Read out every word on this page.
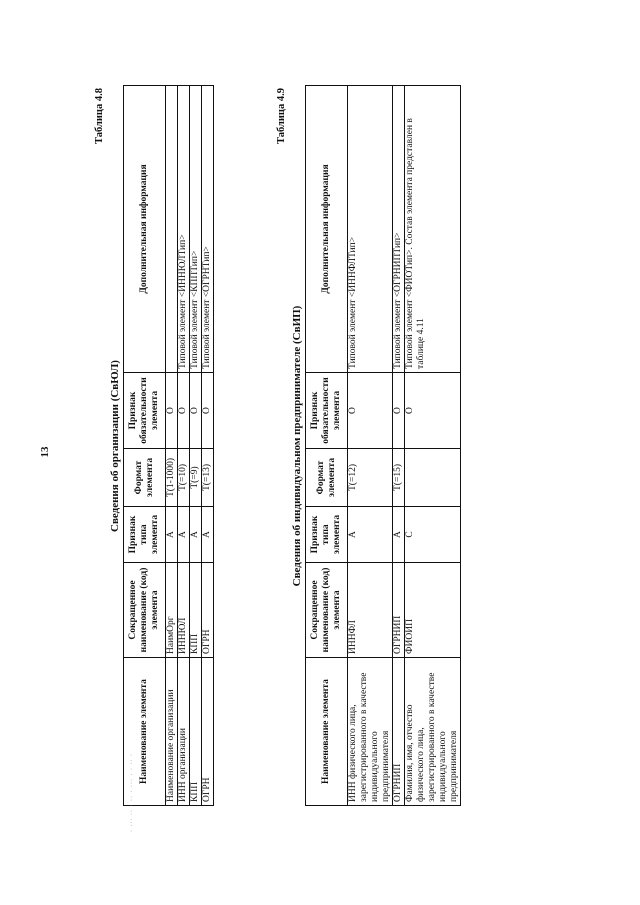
13
Таблица 4.8
Сведения об организации (СвЮЛ)
Наименование элемента	Сокращенное наименование (код) элемента	Признак типа элемента	Формат элемента	Признак обязательности элемента	Дополнительная информация
Наименование организации	НаимОрг	А	T(1-1000)	О	
ИНН организации	ИННЮЛ	А	T(=10)	О	Типовой элемент <ИННЮЛТип>
КПП	КПП	А	T(=9)	О	Типовой элемент <КППТип>
ОГРН	ОГРН	А	T(=13)	О	Типовой элемент <ОГРНТип>
Таблица 4.9
Сведения об индивидуальном предпринимателе (СвИП)
Наименование элемента	Сокращенное наименование (код) элемента	Признак типа элемента	Формат элемента	Признак обязательности элемента	Дополнительная информация
ИНН физического лица, зарегистрированного в качестве индивидуального предпринимателя	ИННФЛ	А	T(=12)	О	Типовой элемент <ИННФЛТип>
ОГРНИП	ОГРНИП	А	T(=15)	О	Типовой элемент <ОГРНИПТип>
Фамилия, имя, отчество физического лица, зарегистрированного в качестве индивидуального предпринимателя	ФИОИП	С		О	Типовой элемент <ФИОТип>. Состав элемента представлен в таблице 4.11
· ··· ·· · ·· · ··· · · ·· ·
